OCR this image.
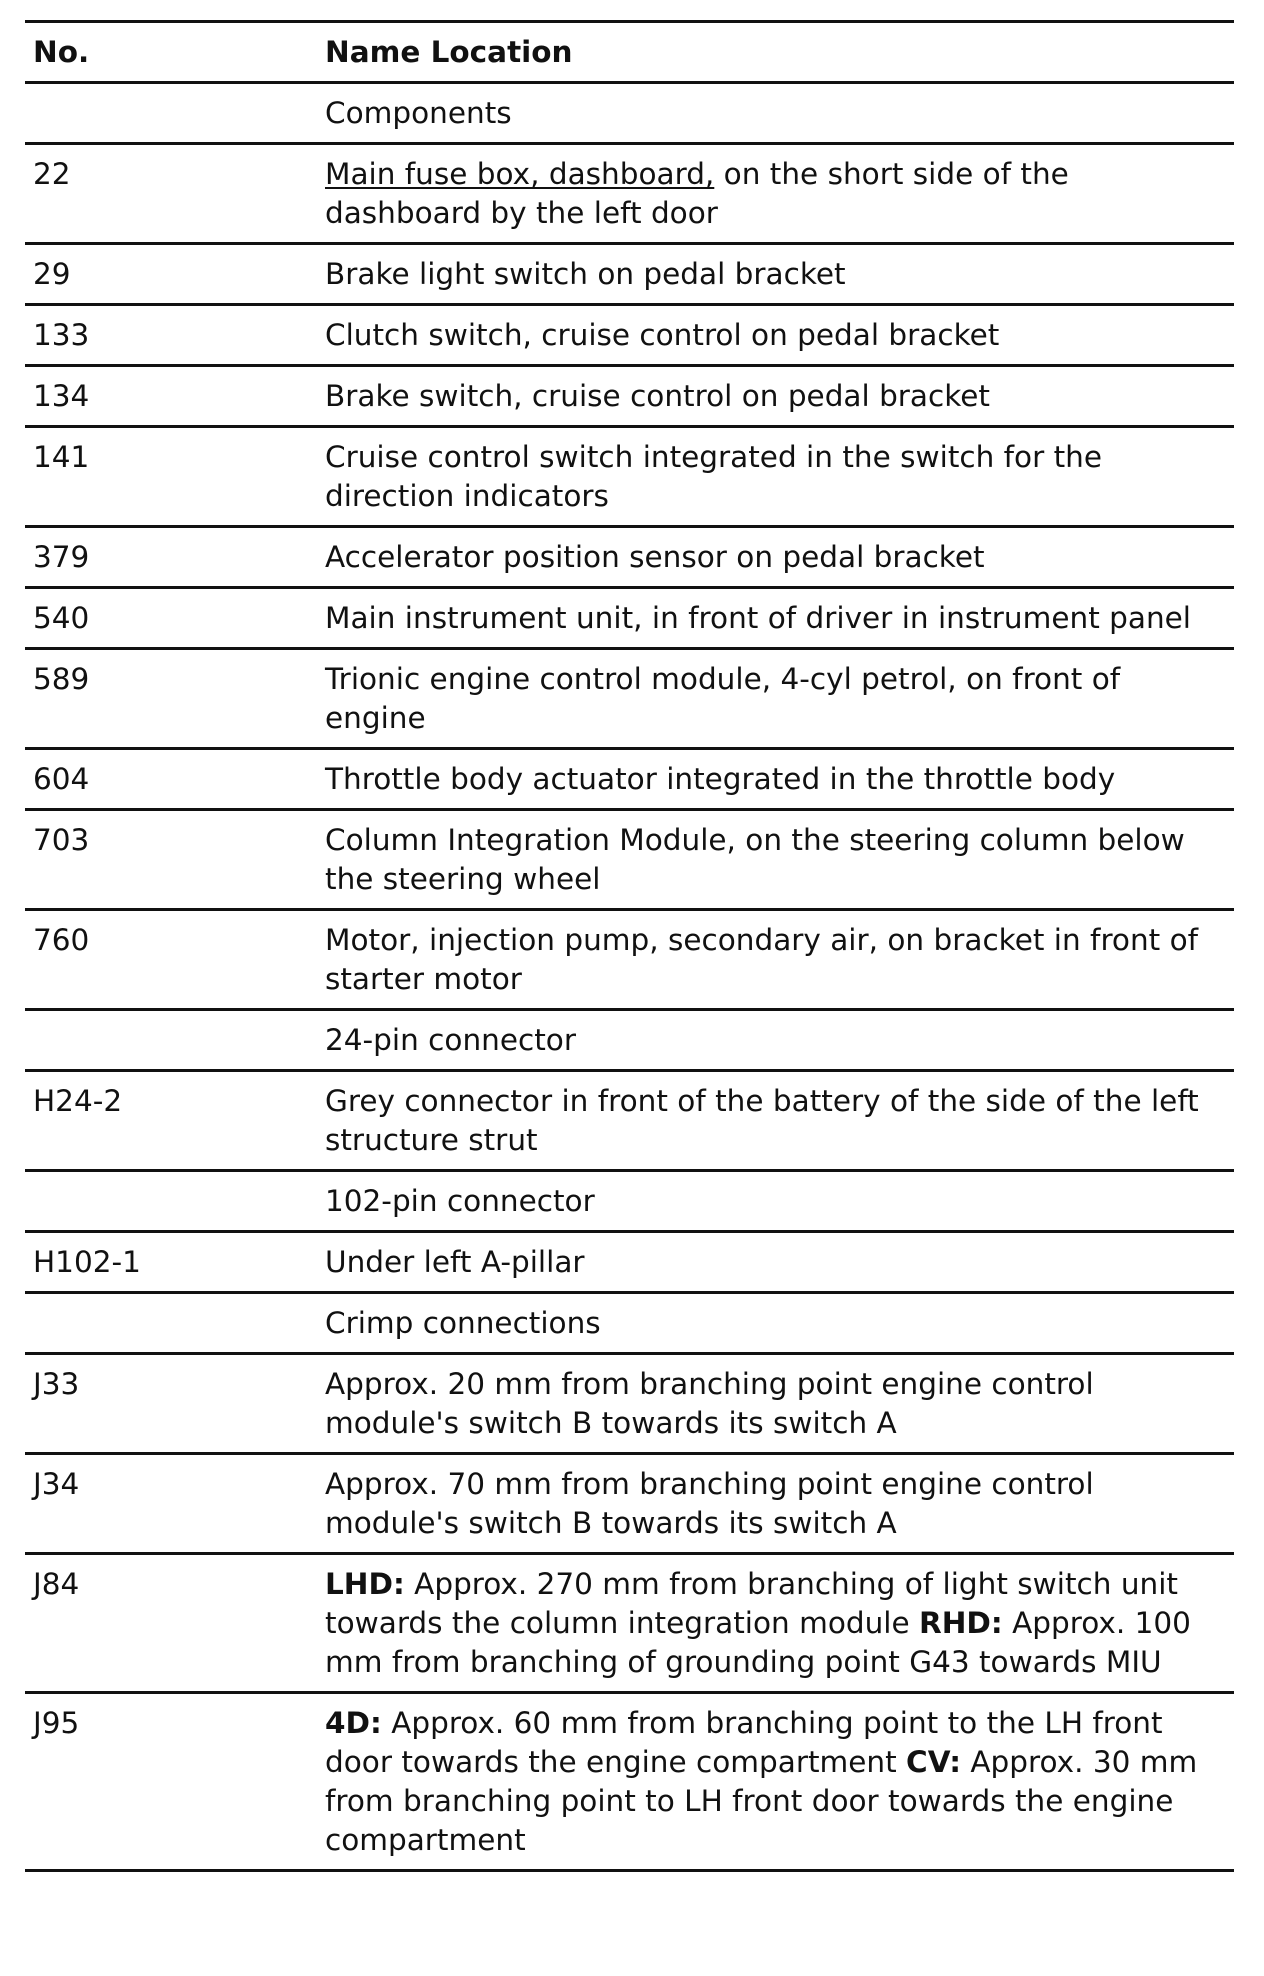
No.	Name Location
	Components
22	Main fuse box, dashboard, on the short side of the dashboard by the left door
29	Brake light switch on pedal bracket
133	Clutch switch, cruise control on pedal bracket
134	Brake switch, cruise control on pedal bracket
141	Cruise control switch integrated in the switch for the direction indicators
379	Accelerator position sensor on pedal bracket
540	Main instrument unit, in front of driver in instrument panel
589	Trionic engine control module, 4-cyl petrol, on front of engine
604	Throttle body actuator integrated in the throttle body
703	Column Integration Module, on the steering column below the steering wheel
760	Motor, injection pump, secondary air, on bracket in front of starter motor
	24-pin connector
H24-2	Grey connector in front of the battery of the side of the left structure strut
	102-pin connector
H102-1	Under left A-pillar
	Crimp connections
J33	Approx. 20 mm from branching point engine control module's switch B towards its switch A
J34	Approx. 70 mm from branching point engine control module's switch B towards its switch A
J84	LHD: Approx. 270 mm from branching of light switch unit towards the column integration module RHD: Approx. 100 mm from branching of grounding point G43 towards MIU
J95	4D: Approx. 60 mm from branching point to the LH front door towards the engine compartment CV: Approx. 30 mm from branching point to LH front door towards the engine compartment
